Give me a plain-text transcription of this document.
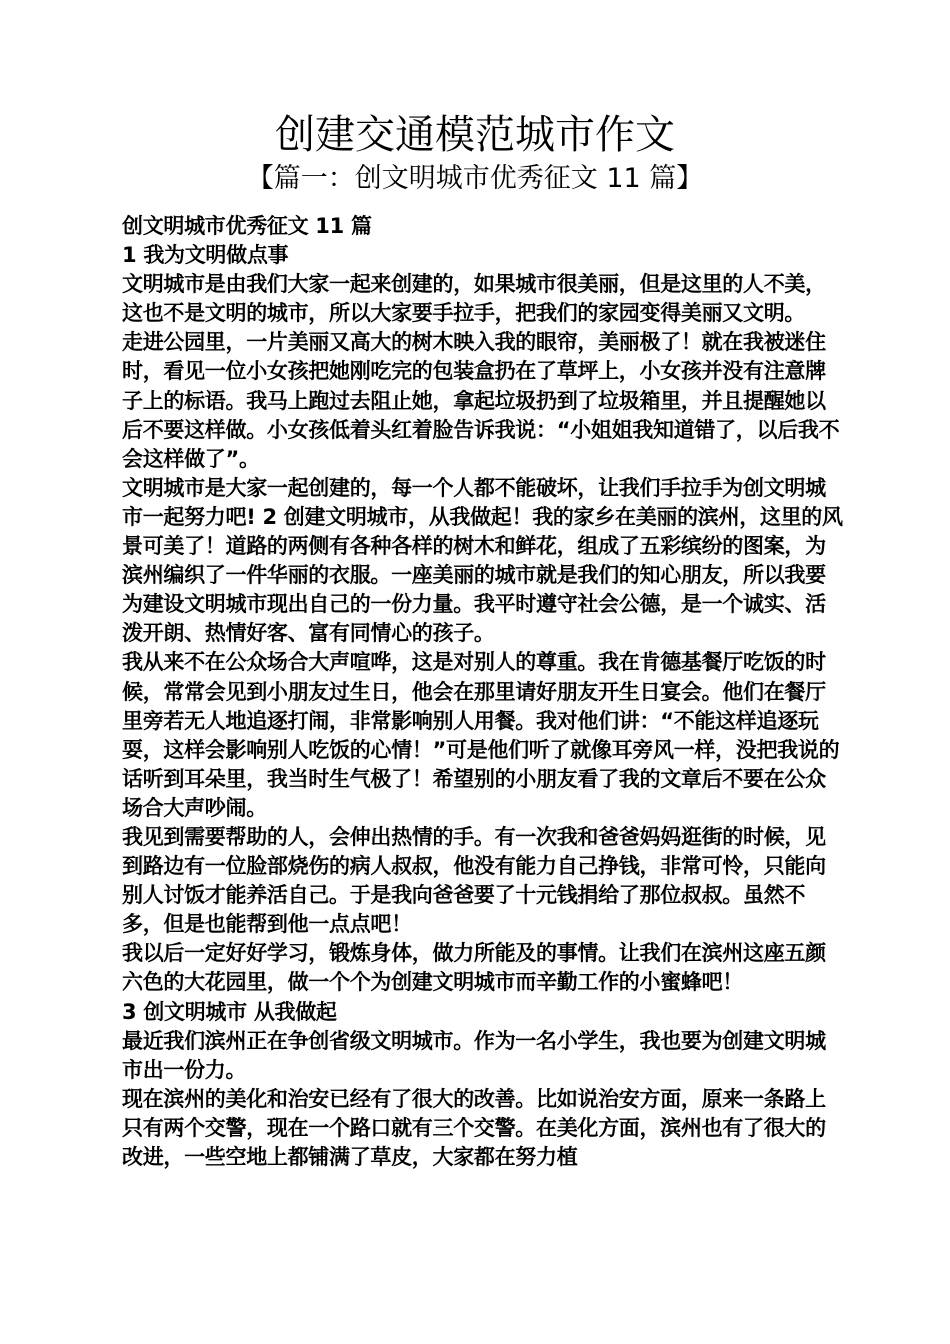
创建交通模范城市作文
【篇一：创文明城市优秀征文 11 篇】

创文明城市优秀征文 11 篇

1 我为文明做点事

文明城市是由我们大家一起来创建的，如果城市很美丽，但是这里的人不美，这也不是文明的城市，所以大家要手拉手，把我们的家园变得美丽又文明。

走进公园里，一片美丽又高大的树木映入我的眼帘，美丽极了！就在我被迷住时，看见一位小女孩把她刚吃完的包装盒扔在了草坪上，小女孩并没有注意牌子上的标语。我马上跑过去阻止她，拿起垃圾扔到了垃圾箱里，并且提醒她以后不要这样做。小女孩低着头红着脸告诉我说：“小姐姐我知道错了，以后我不会这样做了”。

文明城市是大家一起创建的，每一个人都不能破坏，让我们手拉手为创文明城市一起努力吧! 2 创建文明城市，从我做起！我的家乡在美丽的滨州，这里的风景可美了！道路的两侧有各种各样的树木和鲜花，组成了五彩缤纷的图案，为滨州编织了一件华丽的衣服。一座美丽的城市就是我们的知心朋友，所以我要为建设文明城市现出自己的一份力量。我平时遵守社会公德，是一个诚实、活泼开朗、热情好客、富有同情心的孩子。

我从来不在公众场合大声喧哗，这是对别人的尊重。我在肯德基餐厅吃饭的时候，常常会见到小朋友过生日，他会在那里请好朋友开生日宴会。他们在餐厅里旁若无人地追逐打闹，非常影响别人用餐。我对他们讲：“不能这样追逐玩耍，这样会影响别人吃饭的心情！”可是他们听了就像耳旁风一样，没把我说的话听到耳朵里，我当时生气极了！希望别的小朋友看了我的文章后不要在公众场合大声吵闹。

我见到需要帮助的人，会伸出热情的手。有一次我和爸爸妈妈逛街的时候，见到路边有一位脸部烧伤的病人叔叔，他没有能力自己挣钱，非常可怜，只能向别人讨饭才能养活自己。于是我向爸爸要了十元钱捐给了那位叔叔。虽然不多，但是也能帮到他一点点吧！

我以后一定好好学习，锻炼身体，做力所能及的事情。让我们在滨州这座五颜六色的大花园里，做一个个为创建文明城市而辛勤工作的小蜜蜂吧！

3 创文明城市 从我做起

最近我们滨州正在争创省级文明城市。作为一名小学生，我也要为创建文明城市出一份力。

现在滨州的美化和治安已经有了很大的改善。比如说治安方面，原来一条路上只有两个交警，现在一个路口就有三个交警。在美化方面，滨州也有了很大的改进，一些空地上都铺满了草皮，大家都在努力植
